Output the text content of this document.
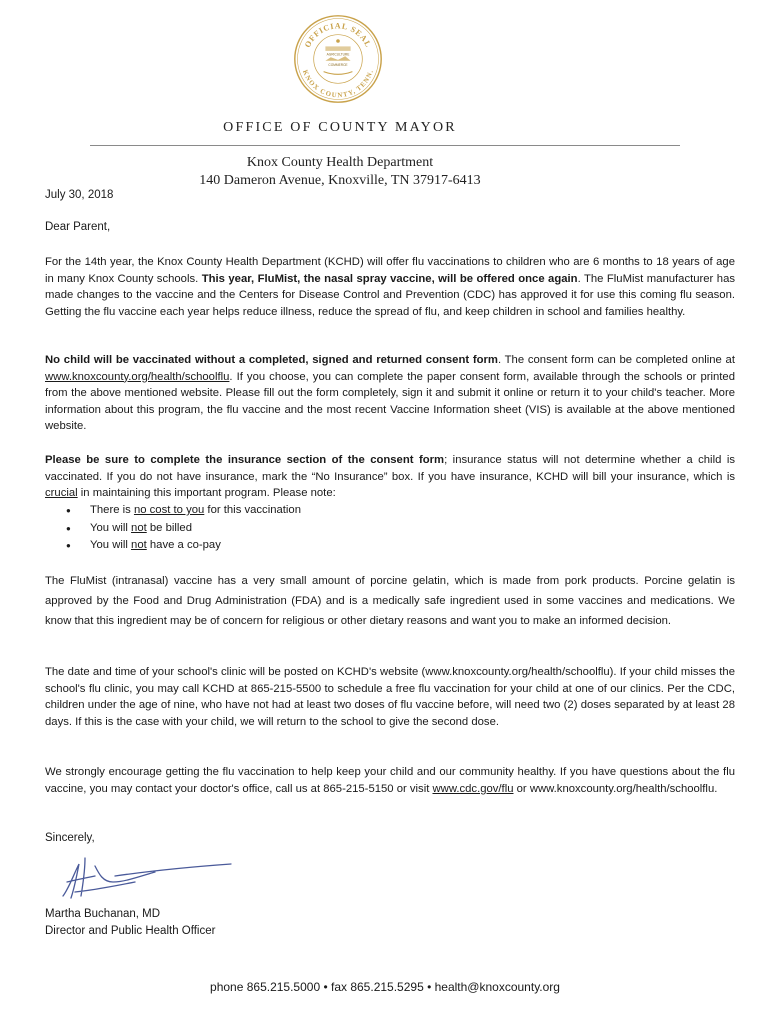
OFFICIAL SEAL
KNOX COUNTY, TENN.
AGRICULTURE
COMMERCE
OFFICE OF COUNTY MAYOR
Knox County Health Department
140 Dameron Avenue, Knoxville, TN 37917-6413
July 30, 2018
Dear Parent,
For the 14th year, the Knox County Health Department (KCHD) will offer flu vaccinations to children who are 6 months to 18 years of age in many Knox County schools. This year, FluMist, the nasal spray vaccine, will be offered once again. The FluMist manufacturer has made changes to the vaccine and the Centers for Disease Control and Prevention (CDC) has approved it for use this coming flu season. Getting the flu vaccine each year helps reduce illness, reduce the spread of flu, and keep children in school and families healthy.
No child will be vaccinated without a completed, signed and returned consent form. The consent form can be completed online at www.knoxcounty.org/health/schoolflu. If you choose, you can complete the paper consent form, available through the schools or printed from the above mentioned website. Please fill out the form completely, sign it and submit it online or return it to your child's teacher. More information about this program, the flu vaccine and the most recent Vaccine Information sheet (VIS) is available at the above mentioned website.
Please be sure to complete the insurance section of the consent form; insurance status will not determine whether a child is vaccinated. If you do not have insurance, mark the “No Insurance” box. If you have insurance, KCHD will bill your insurance, which is crucial in maintaining this important program. Please note:
● There is no cost to you for this vaccination
● You will not be billed
● You will not have a co-pay
The FluMist (intranasal) vaccine has a very small amount of porcine gelatin, which is made from pork products. Porcine gelatin is approved by the Food and Drug Administration (FDA) and is a medically safe ingredient used in some vaccines and medications. We know that this ingredient may be of concern for religious or other dietary reasons and want you to make an informed decision.
The date and time of your school's clinic will be posted on KCHD's website (www.knoxcounty.org/health/schoolflu). If your child misses the school's flu clinic, you may call KCHD at 865-215-5500 to schedule a free flu vaccination for your child at one of our clinics. Per the CDC, children under the age of nine, who have not had at least two doses of flu vaccine before, will need two (2) doses separated by at least 28 days. If this is the case with your child, we will return to the school to give the second dose.
We strongly encourage getting the flu vaccination to help keep your child and our community healthy. If you have questions about the flu vaccine, you may contact your doctor's office, call us at 865-215-5150 or visit www.cdc.gov/flu or www.knoxcounty.org/health/schoolflu.
Sincerely,
Martha Buchanan, MD
Director and Public Health Officer
phone 865.215.5000 • fax 865.215.5295 • health@knoxcounty.org
